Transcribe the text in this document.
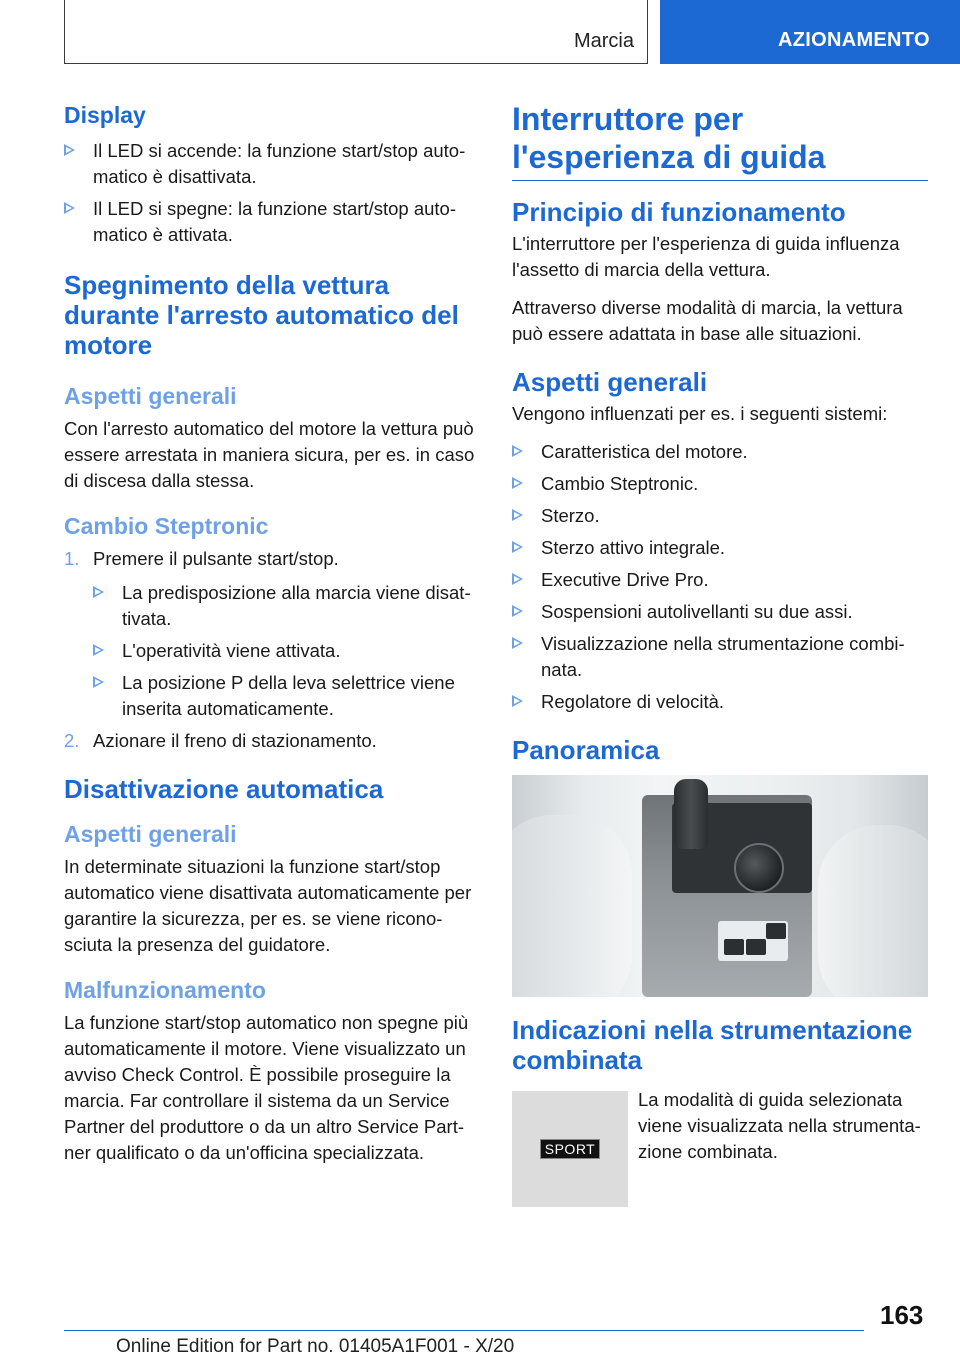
Marcia	AZIONAMENTO
Display
Il LED si accende: la funzione start/stop auto-matico è disattivata.
Il LED si spegne: la funzione start/stop auto-matico è attivata.
Spegnimento della vettura durante l'arresto automatico del motore
Aspetti generali

Con l'arresto automatico del motore la vettura può essere arrestata in maniera sicura, per es. in caso di discesa dalla stessa.

Cambio Steptronic
1. Premere il pulsante start/stop.
La predisposizione alla marcia viene disat-tivata.
L'operatività viene attivata.
La posizione P della leva selettrice viene inserita automaticamente.
2. Azionare il freno di stazionamento.
Disattivazione automatica
Aspetti generali

In determinate situazioni la funzione start/stop automatico viene disattivata automaticamente per garantire la sicurezza, per es. se viene ricono-sciuta la presenza del guidatore.

Malfunzionamento

La funzione start/stop automatico non spegne più automaticamente il motore. Viene visualizzato un avviso Check Control. È possibile proseguire la marcia. Far controllare il sistema da un Service Partner del produttore o da un altro Service Part-ner qualificato o da un'officina specializzata.

Interruttore per l'esperienza di guida
Principio di funzionamento

L'interruttore per l'esperienza di guida influenza l'assetto di marcia della vettura.

Attraverso diverse modalità di marcia, la vettura può essere adattata in base alle situazioni.

Aspetti generali

Vengono influenzati per es. i seguenti sistemi:

Caratteristica del motore.
Cambio Steptronic.
Sterzo.
Sterzo attivo integrale.
Executive Drive Pro.
Sospensioni autolivellanti su due assi.
Visualizzazione nella strumentazione combi-nata.
Regolatore di velocità.
Panoramica
Indicazioni nella strumentazione combinata
SPORT

La modalità di guida selezionata viene visualizzata nella strumenta-zione combinata.

163
Online Edition for Part no. 01405A1F001 - X/20
